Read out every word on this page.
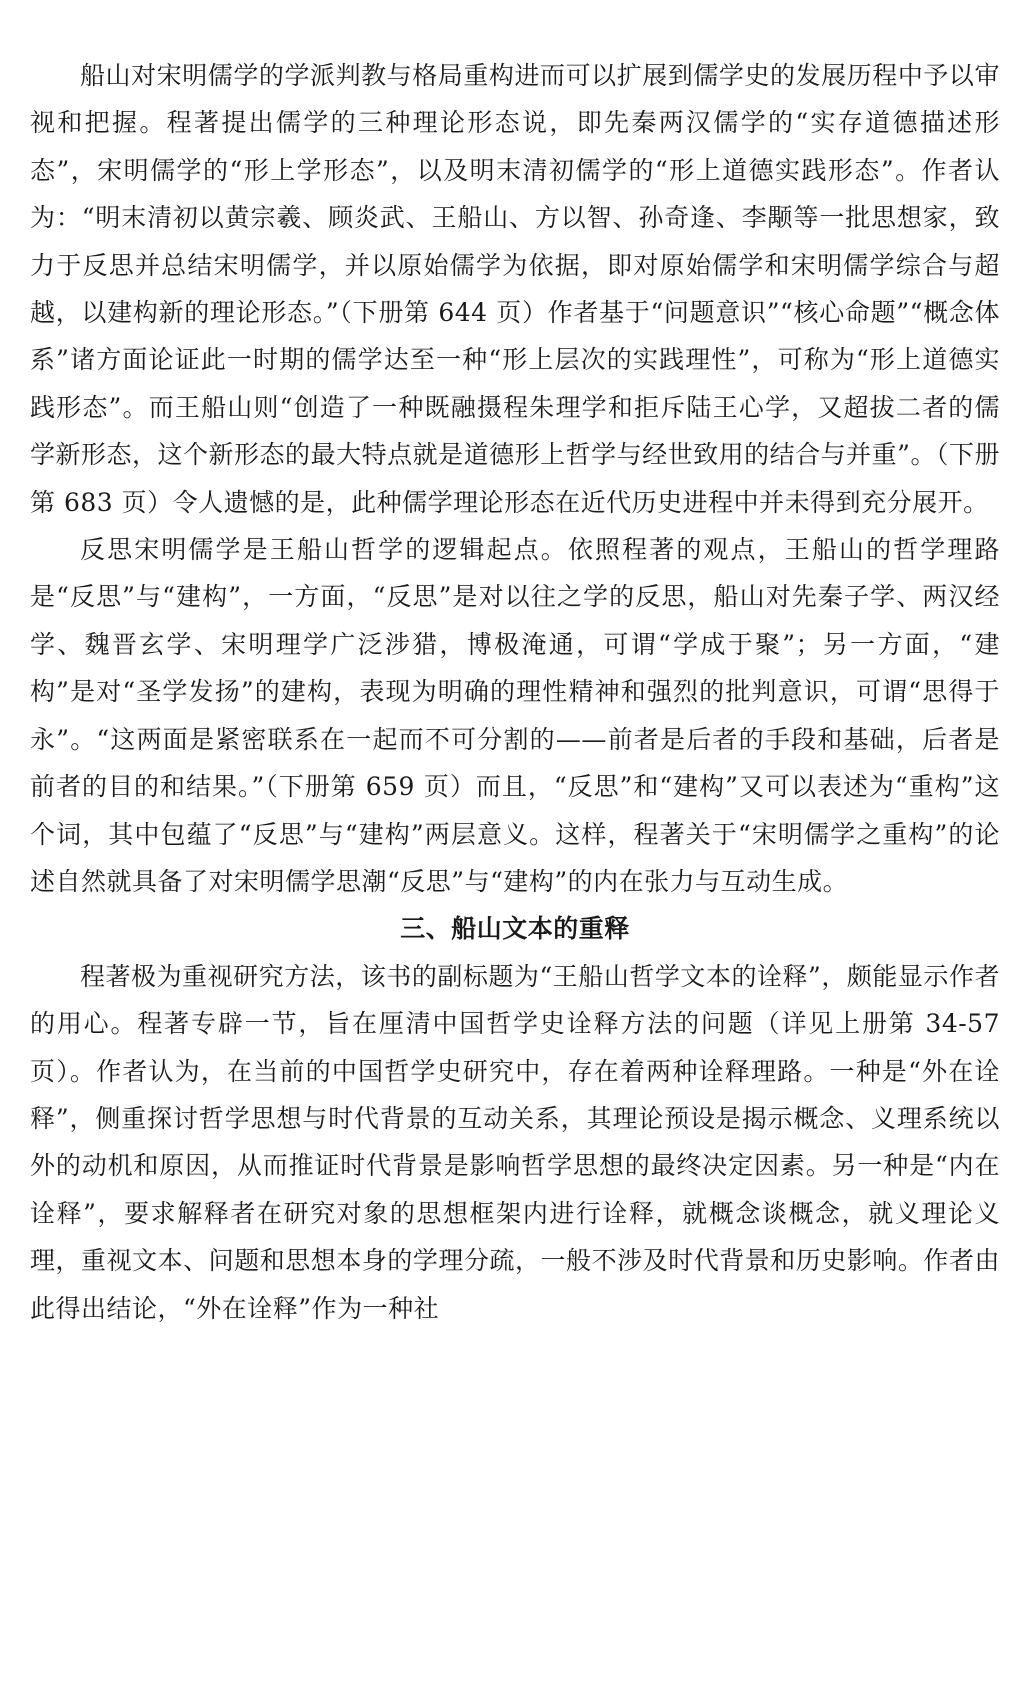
船山对宋明儒学的学派判教与格局重构进而可以扩展到儒学史的发展历程中予以审视和把握。程著提出儒学的三种理论形态说，即先秦两汉儒学的“实存道德描述形态”，宋明儒学的“形上学形态”，以及明末清初儒学的“形上道德实践形态”。作者认为：“明末清初以黄宗羲、顾炎武、王船山、方以智、孙奇逢、李颙等一批思想家，致力于反思并总结宋明儒学，并以原始儒学为依据，即对原始儒学和宋明儒学综合与超越，以建构新的理论形态。”（下册第 644 页）作者基于“问题意识”“核心命题”“概念体系”诸方面论证此一时期的儒学达至一种“形上层次的实践理性”，可称为“形上道德实践形态”。而王船山则“创造了一种既融摄程朱理学和拒斥陆王心学，又超拔二者的儒学新形态，这个新形态的最大特点就是道德形上哲学与经世致用的结合与并重”。（下册第 683 页）令人遗憾的是，此种儒学理论形态在近代历史进程中并未得到充分展开。

反思宋明儒学是王船山哲学的逻辑起点。依照程著的观点，王船山的哲学理路是“反思”与“建构”，一方面，“反思”是对以往之学的反思，船山对先秦子学、两汉经学、魏晋玄学、宋明理学广泛涉猎，博极淹通，可谓“学成于聚”；另一方面，“建构”是对“圣学发扬”的建构，表现为明确的理性精神和强烈的批判意识，可谓“思得于永”。“这两面是紧密联系在一起而不可分割的——前者是后者的手段和基础，后者是前者的目的和结果。”（下册第 659 页）而且，“反思”和“建构”又可以表述为“重构”这个词，其中包蕴了“反思”与“建构”两层意义。这样，程著关于“宋明儒学之重构”的论述自然就具备了对宋明儒学思潮“反思”与“建构”的内在张力与互动生成。

三、船山文本的重释

程著极为重视研究方法，该书的副标题为“王船山哲学文本的诠释”，颇能显示作者的用心。程著专辟一节，旨在厘清中国哲学史诠释方法的问题（详见上册第 34-57 页）。作者认为，在当前的中国哲学史研究中，存在着两种诠释理路。一种是“外在诠释”，侧重探讨哲学思想与时代背景的互动关系，其理论预设是揭示概念、义理系统以外的动机和原因，从而推证时代背景是影响哲学思想的最终决定因素。另一种是“内在诠释”，要求解释者在研究对象的思想框架内进行诠释，就概念谈概念，就义理论义理，重视文本、问题和思想本身的学理分疏，一般不涉及时代背景和历史影响。作者由此得出结论，“外在诠释”作为一种社
